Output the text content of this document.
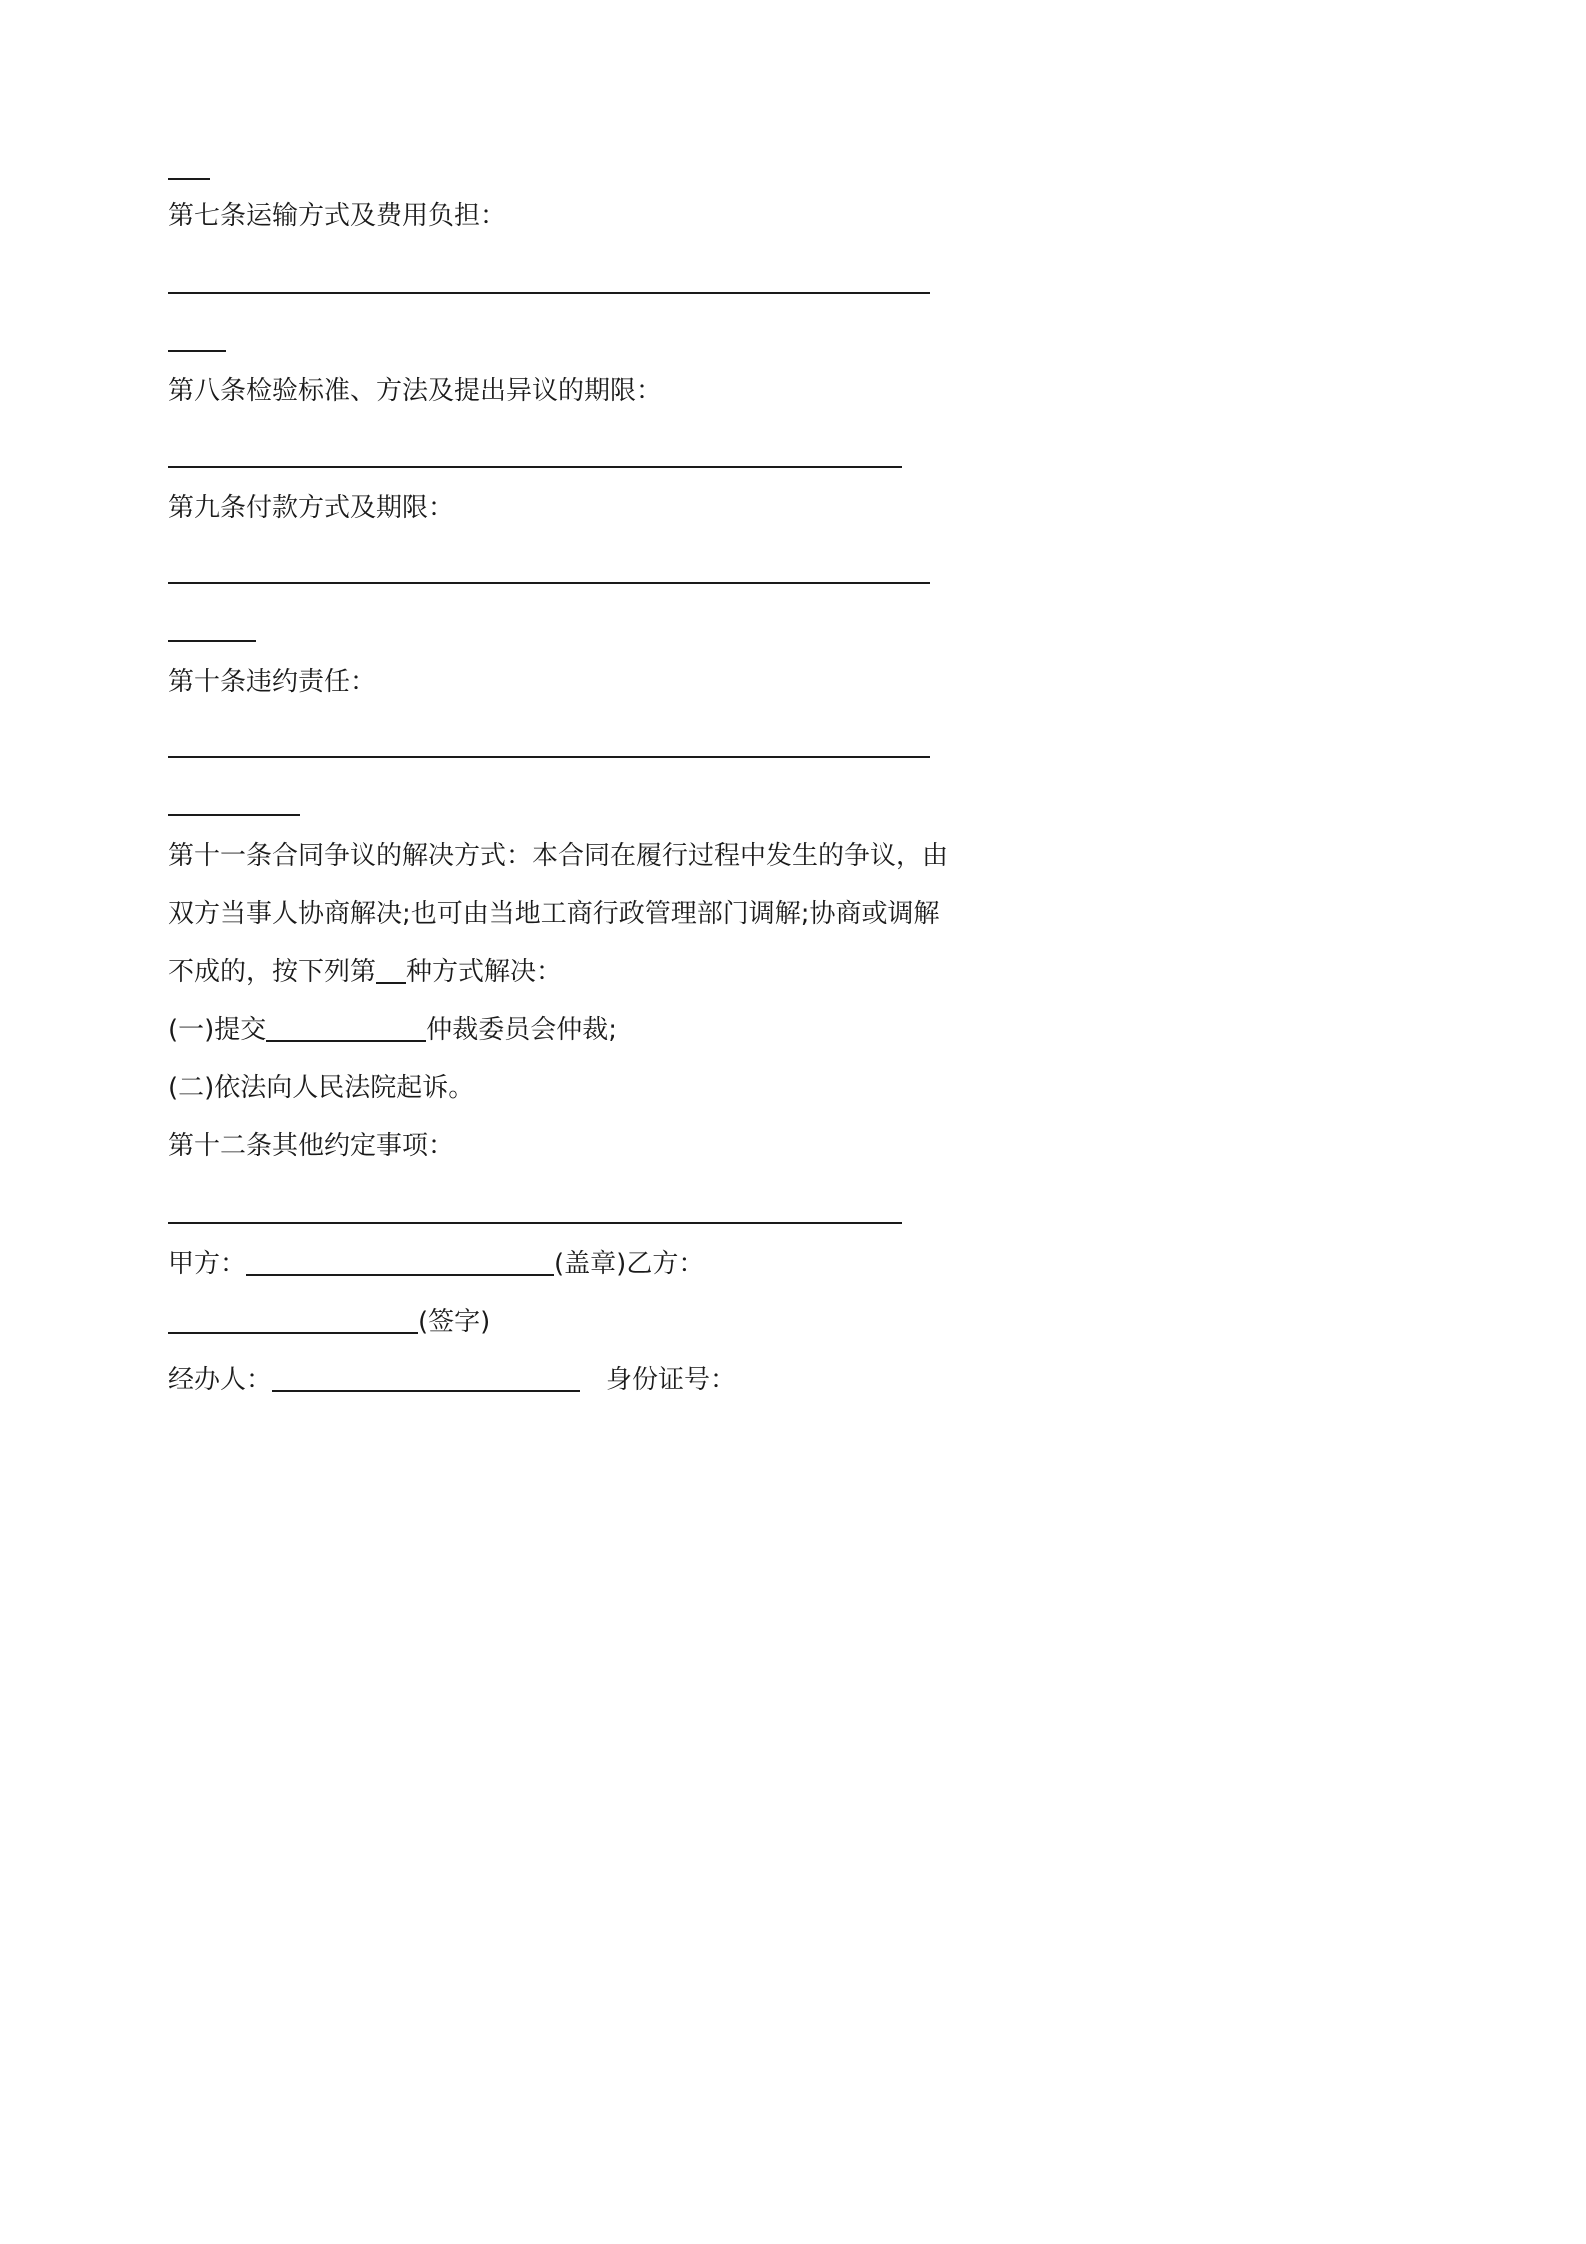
第七条运输方式及费用负担：
第八条检验标准、方法及提出异议的期限：
第九条付款方式及期限：
第十条违约责任：
第十一条合同争议的解决方式：本合同在履行过程中发生的争议，由
双方当事人协商解决;也可由当地工商行政管理部门调解;协商或调解
不成的，按下列第 种方式解决：
(一)提交	仲裁委员会仲裁;
(二)依法向人民法院起诉。
第十二条其他约定事项：
甲方：	(盖章)乙方：
(签字)
经办人：	身份证号：
